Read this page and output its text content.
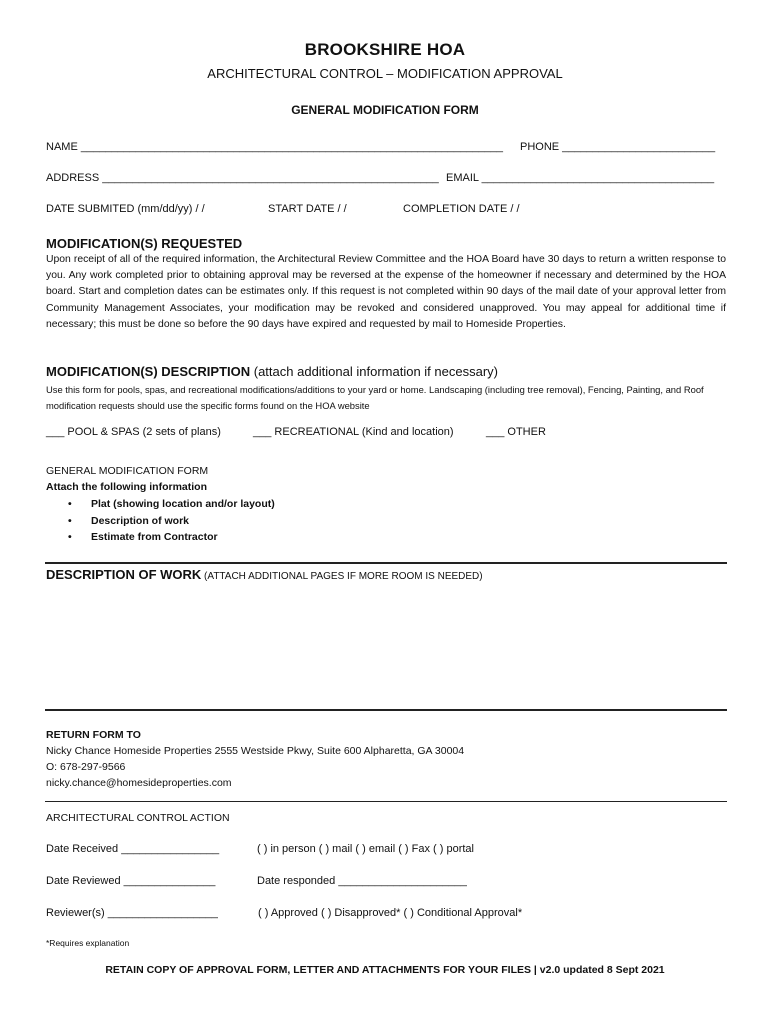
BROOKSHIRE HOA
ARCHITECTURAL CONTROL – MODIFICATION APPROVAL
GENERAL MODIFICATION FORM
NAME _____________________________________________________________________ PHONE _________________________
ADDRESS _______________________________________________________ EMAIL ______________________________________
DATE SUBMITED (mm/dd/yy) / /	START DATE / /	COMPLETION DATE / /
MODIFICATION(S) REQUESTED
Upon receipt of all of the required information, the Architectural Review Committee and the HOA Board have 30 days to return a written response to you. Any work completed prior to obtaining approval may be reversed at the expense of the homeowner if necessary and determined by the HOA board. Start and completion dates can be estimates only. If this request is not completed within 90 days of the mail date of your approval letter from Community Management Associates, your modification may be revoked and considered unapproved. You may appeal for additional time if necessary; this must be done so before the 90 days have expired and requested by mail to Homeside Properties.
MODIFICATION(S) DESCRIPTION (attach additional information if necessary)
Use this form for pools, spas, and recreational modifications/additions to your yard or home. Landscaping (including tree removal), Fencing, Painting, and Roof modification requests should use the specific forms found on the HOA website
___ POOL & SPAS (2 sets of plans)	___ RECREATIONAL (Kind and location)	___ OTHER
GENERAL MODIFICATION FORM
Attach the following information
• Plat (showing location and/or layout)
• Description of work
• Estimate from Contractor
DESCRIPTION OF WORK (ATTACH ADDITIONAL PAGES IF MORE ROOM IS NEEDED)
RETURN FORM TO
Nicky Chance Homeside Properties 2555 Westside Pkwy, Suite 600 Alpharetta, GA 30004
O: 678-297-9566
nicky.chance@homesideproperties.com
ARCHITECTURAL CONTROL ACTION
Date Received ________________	( ) in person ( ) mail ( ) email ( ) Fax ( ) portal
Date Reviewed _______________	Date responded _____________________
Reviewer(s) __________________	( ) Approved ( ) Disapproved* ( ) Conditional Approval*
*Requires explanation
RETAIN COPY OF APPROVAL FORM, LETTER AND ATTACHMENTS FOR YOUR FILES | v2.0 updated 8 Sept 2021
